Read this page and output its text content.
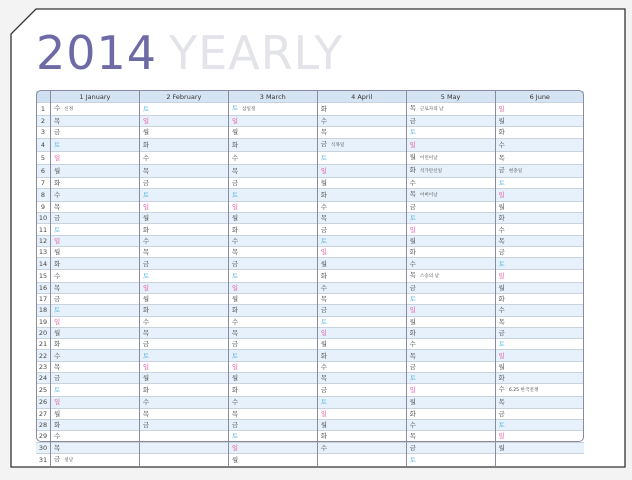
2014 YEARLY
	1 January	2 February	3 March	4 April	5 May	6 June
1	수 신정	토	토 삼일절	화	목 근로자의 날	일
2	목	일	일	수	금	월
3	금	월	월	목	토	화
4	토	화	화	금 식목일	일	수
5	일	수	수	토	월 어린이날	목
6	월	목	목	일	화 석가탄신일	금 현충일
7	화	금	금	월	수	토
8	수	토	토	화	목 어버이날	일
9	목	일	일	수	금	월
10	금	월	월	목	토	화
11	토	화	화	금	일	수
12	일	수	수	토	월	목
13	월	목	목	일	화	금
14	화	금	금	월	수	토
15	수	토	토	화	목 스승의 날	일
16	목	일	일	수	금	월
17	금	월	월	목	토	화
18	토	화	화	금	일	수
19	일	수	수	토	월	목
20	월	목	목	일	화	금
21	화	금	금	월	수	토
22	수	토	토	화	목	일
23	목	일	일	수	금	월
24	금	월	월	목	토	화
25	토	화	화	금	일	수 6.25 한국전쟁
26	일	수	수	토	월	목
27	월	목	목	일	화	금
28	화	금	금	월	수	토
29	수		토	화	목	일
30	목		일	수	금	월
31	금 설날		월		토	
